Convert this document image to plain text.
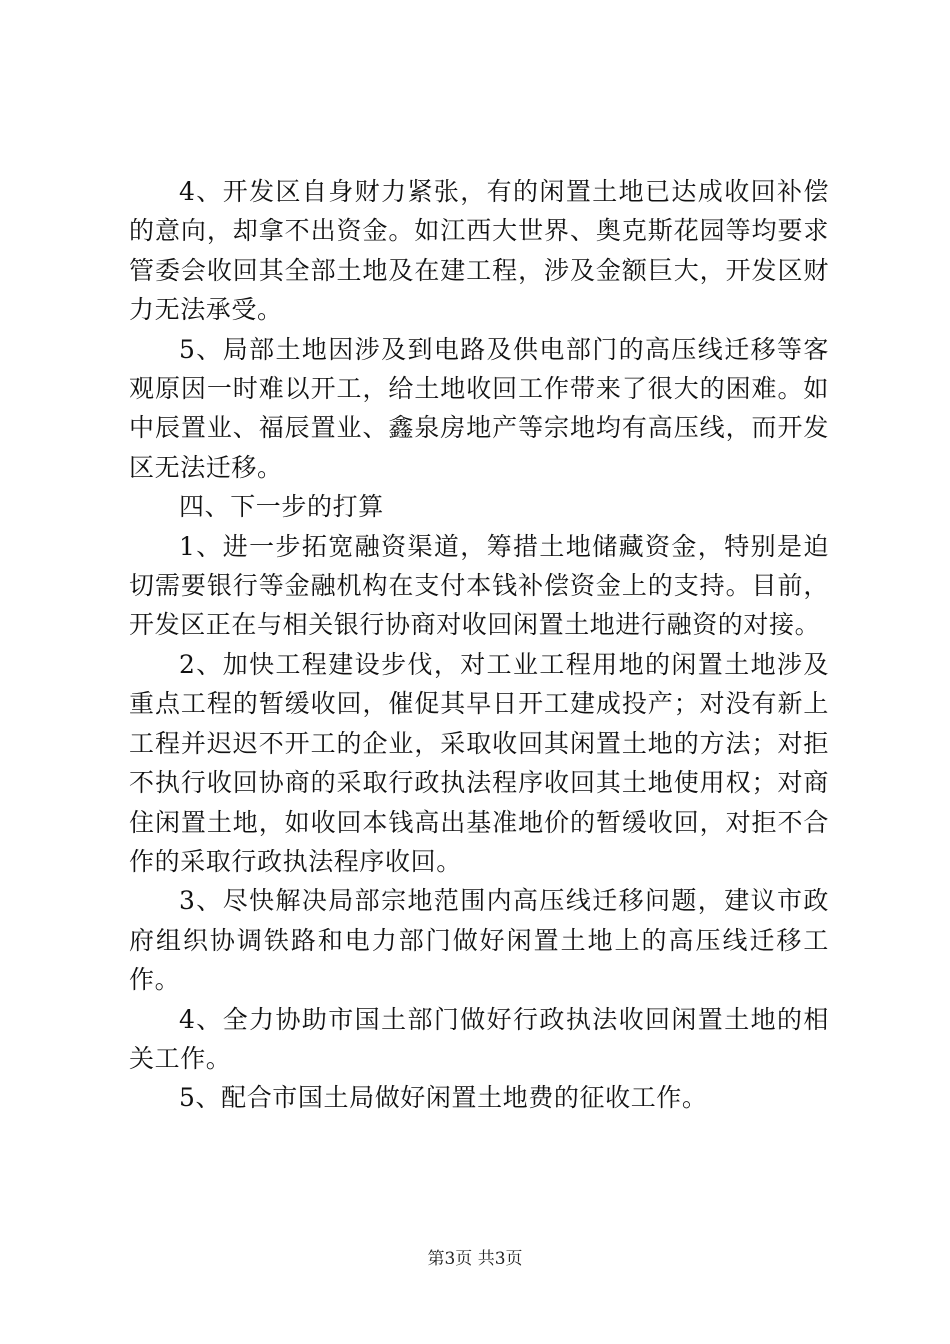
4、开发区自身财力紧张，有的闲置土地已达成收回补偿的意向，却拿不出资金。如江西大世界、奥克斯花园等均要求管委会收回其全部土地及在建工程，涉及金额巨大，开发区财力无法承受。

5、局部土地因涉及到电路及供电部门的高压线迁移等客观原因一时难以开工，给土地收回工作带来了很大的困难。如中辰置业、福辰置业、鑫泉房地产等宗地均有高压线，而开发区无法迁移。

四、下一步的打算

1、进一步拓宽融资渠道，筹措土地储藏资金，特别是迫切需要银行等金融机构在支付本钱补偿资金上的支持。目前，开发区正在与相关银行协商对收回闲置土地进行融资的对接。

2、加快工程建设步伐，对工业工程用地的闲置土地涉及重点工程的暂缓收回，催促其早日开工建成投产；对没有新上工程并迟迟不开工的企业，采取收回其闲置土地的方法；对拒不执行收回协商的采取行政执法程序收回其土地使用权；对商住闲置土地，如收回本钱高出基准地价的暂缓收回，对拒不合作的采取行政执法程序收回。

3、尽快解决局部宗地范围内高压线迁移问题，建议市政府组织协调铁路和电力部门做好闲置土地上的高压线迁移工作。

4、全力协助市国土部门做好行政执法收回闲置土地的相关工作。

5、配合市国土局做好闲置土地费的征收工作。

第3页 共3页
